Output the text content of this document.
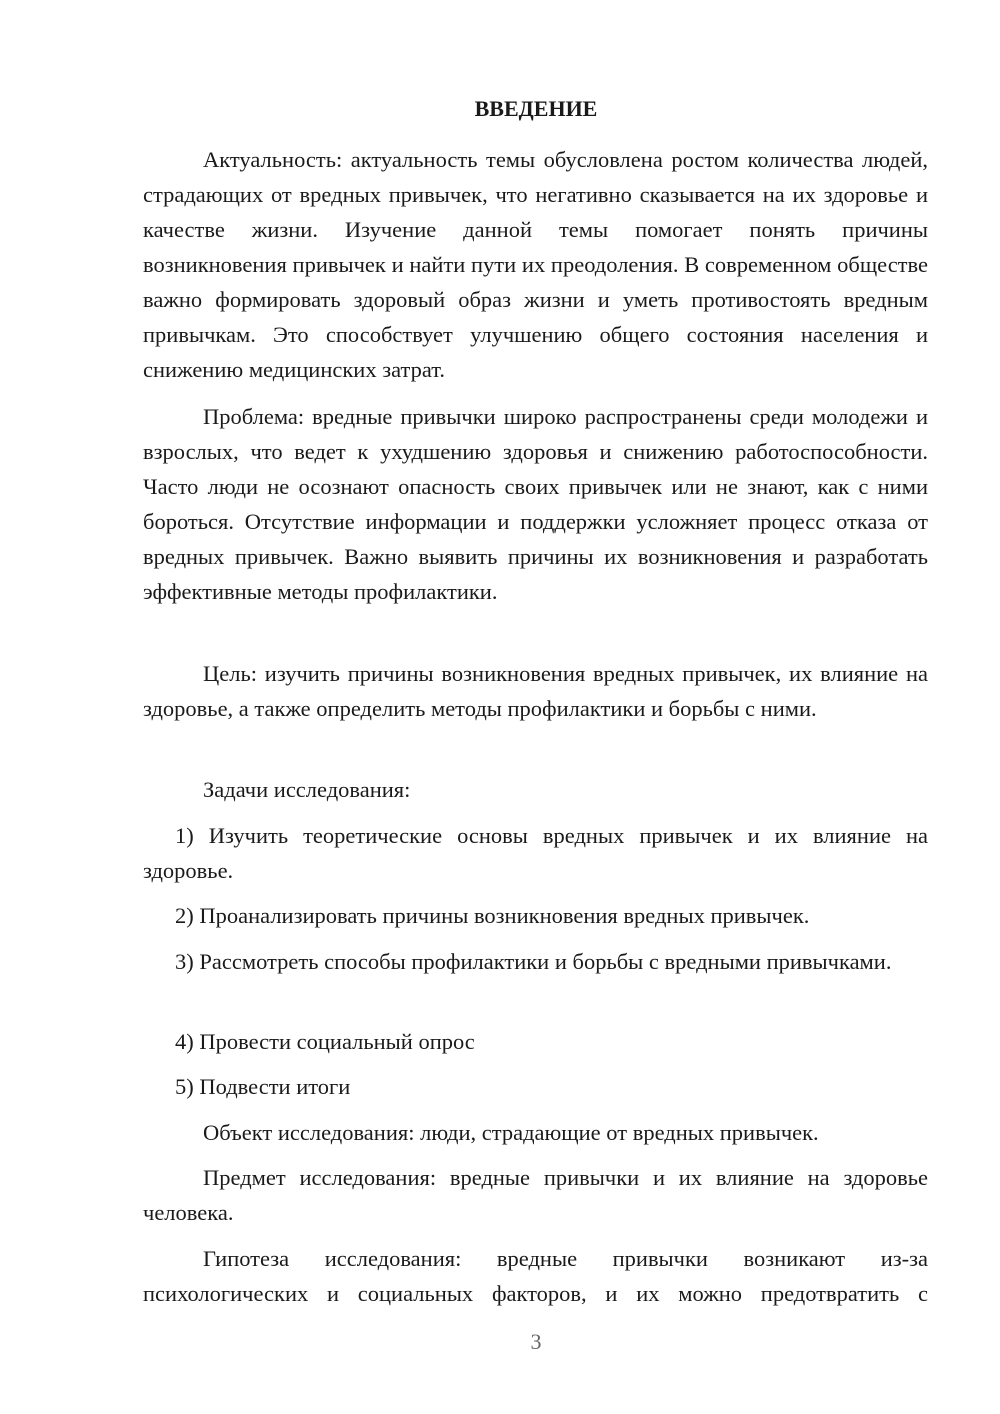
ВВЕДЕНИЕ

Актуальность: актуальность темы обусловлена ростом количества людей, страдающих от вредных привычек, что негативно сказывается на их здоровье и качестве жизни. Изучение данной темы помогает понять причины возникновения привычек и найти пути их преодоления. В современном обществе важно формировать здоровый образ жизни и уметь противостоять вредным привычкам. Это способствует улучшению общего состояния населения и снижению медицинских затрат.

Проблема: вредные привычки широко распространены среди молодежи и взрослых, что ведет к ухудшению здоровья и снижению работоспособности. Часто люди не осознают опасность своих привычек или не знают, как с ними бороться. Отсутствие информации и поддержки усложняет процесс отказа от вредных привычек. Важно выявить причины их возникновения и разработать эффективные методы профилактики.

Цель: изучить причины возникновения вредных привычек, их влияние на здоровье, а также определить методы профилактики и борьбы с ними.

Задачи исследования:

1) Изучить теоретические основы вредных привычек и их влияние на здоровье.

2) Проанализировать причины возникновения вредных привычек.

3) Рассмотреть способы профилактики и борьбы с вредными привычками.

4) Провести социальный опрос

5) Подвести итоги

Объект исследования: люди, страдающие от вредных привычек.

Предмет исследования: вредные привычки и их влияние на здоровье человека.

Гипотеза исследования: вредные привычки возникают из-за психологических и социальных факторов, и их можно предотвратить с

3
